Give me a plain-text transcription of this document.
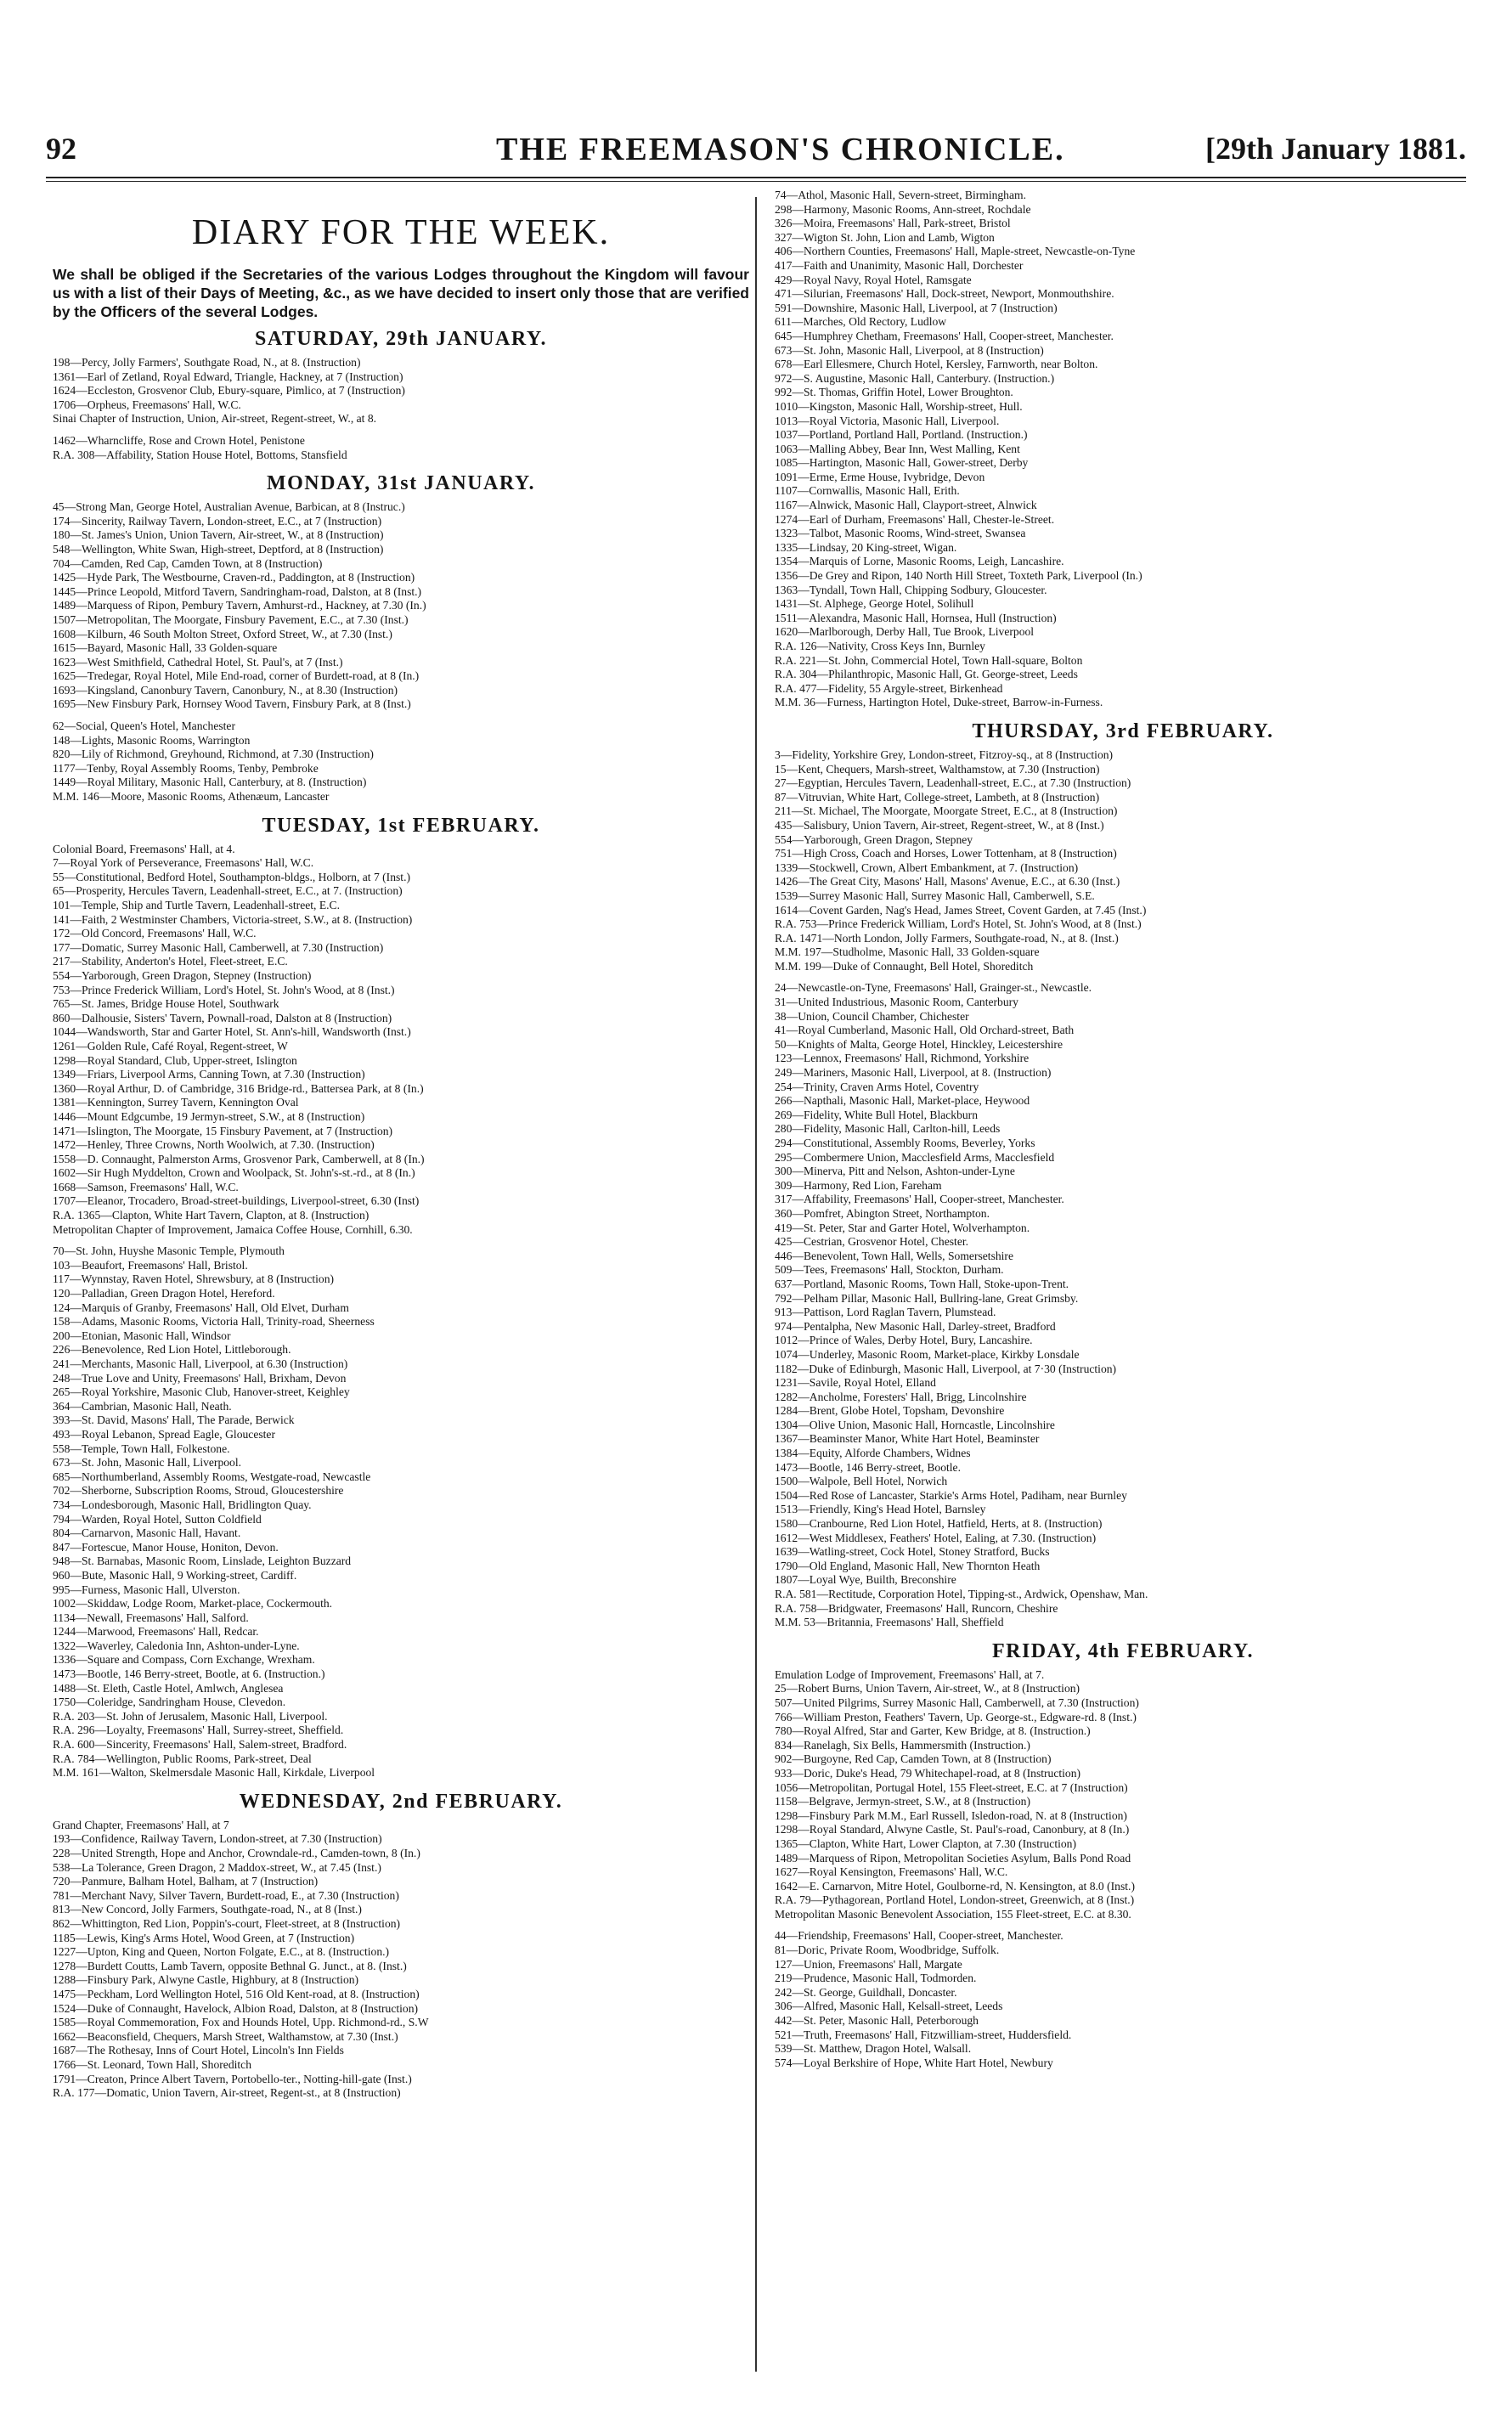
92	THE FREEMASON'S CHRONICLE.	[29th January 1881.
DIARY FOR THE WEEK.
We shall be obliged if the Secretaries of the various Lodges throughout the Kingdom will favour us with a list of their Days of Meeting, &c., as we have decided to insert only those that are verified by the Officers of the several Lodges.
SATURDAY, 29th JANUARY.
198—Percy, Jolly Farmers', Southgate Road, N., at 8. (Instruction)
1361—Earl of Zetland, Royal Edward, Triangle, Hackney, at 7 (Instruction)
1624—Eccleston, Grosvenor Club, Ebury-square, Pimlico, at 7 (Instruction)
1706—Orpheus, Freemasons' Hall, W.C.
Sinai Chapter of Instruction, Union, Air-street, Regent-street, W., at 8.
1462—Wharncliffe, Rose and Crown Hotel, Penistone
R.A. 308—Affability, Station House Hotel, Bottoms, Stansfield
MONDAY, 31st JANUARY.
45—Strong Man, George Hotel, Australian Avenue, Barbican, at 8 (Instruc.)
174—Sincerity, Railway Tavern, London-street, E.C., at 7 (Instruction)
180—St. James's Union, Union Tavern, Air-street, W., at 8 (Instruction)
548—Wellington, White Swan, High-street, Deptford, at 8 (Instruction)
704—Camden, Red Cap, Camden Town, at 8 (Instruction)
1425—Hyde Park, The Westbourne, Craven-rd., Paddington, at 8 (Instruction)
1445—Prince Leopold, Mitford Tavern, Sandringham-road, Dalston, at 8 (Inst.)
1489—Marquess of Ripon, Pembury Tavern, Amhurst-rd., Hackney, at 7.30 (In.)
1507—Metropolitan, The Moorgate, Finsbury Pavement, E.C., at 7.30 (Inst.)
1608—Kilburn, 46 South Molton Street, Oxford Street, W., at 7.30 (Inst.)
1615—Bayard, Masonic Hall, 33 Golden-square
1623—West Smithfield, Cathedral Hotel, St. Paul's, at 7 (Inst.)
1625—Tredegar, Royal Hotel, Mile End-road, corner of Burdett-road, at 8 (In.)
1693—Kingsland, Canonbury Tavern, Canonbury, N., at 8.30 (Instruction)
1695—New Finsbury Park, Hornsey Wood Tavern, Finsbury Park, at 8 (Inst.)
62—Social, Queen's Hotel, Manchester
148—Lights, Masonic Rooms, Warrington
820—Lily of Richmond, Greyhound, Richmond, at 7.30 (Instruction)
1177—Tenby, Royal Assembly Rooms, Tenby, Pembroke
1449—Royal Military, Masonic Hall, Canterbury, at 8. (Instruction)
M.M. 146—Moore, Masonic Rooms, Athenæum, Lancaster
TUESDAY, 1st FEBRUARY.
Colonial Board, Freemasons' Hall, at 4.
7—Royal York of Perseverance, Freemasons' Hall, W.C.
55—Constitutional, Bedford Hotel, Southampton-bldgs., Holborn, at 7 (Inst.)
65—Prosperity, Hercules Tavern, Leadenhall-street, E.C., at 7. (Instruction)
101—Temple, Ship and Turtle Tavern, Leadenhall-street, E.C.
141—Faith, 2 Westminster Chambers, Victoria-street, S.W., at 8. (Instruction)
172—Old Concord, Freemasons' Hall, W.C.
177—Domatic, Surrey Masonic Hall, Camberwell, at 7.30 (Instruction)
217—Stability, Anderton's Hotel, Fleet-street, E.C.
554—Yarborough, Green Dragon, Stepney (Instruction)
753—Prince Frederick William, Lord's Hotel, St. John's Wood, at 8 (Inst.)
765—St. James, Bridge House Hotel, Southwark
860—Dalhousie, Sisters' Tavern, Pownall-road, Dalston at 8 (Instruction)
1044—Wandsworth, Star and Garter Hotel, St. Ann's-hill, Wandsworth (Inst.)
1261—Golden Rule, Café Royal, Regent-street, W
1298—Royal Standard, Club, Upper-street, Islington
1349—Friars, Liverpool Arms, Canning Town, at 7.30 (Instruction)
1360—Royal Arthur, D. of Cambridge, 316 Bridge-rd., Battersea Park, at 8 (In.)
1381—Kennington, Surrey Tavern, Kennington Oval
1446—Mount Edgcumbe, 19 Jermyn-street, S.W., at 8 (Instruction)
1471—Islington, The Moorgate, 15 Finsbury Pavement, at 7 (Instruction)
1472—Henley, Three Crowns, North Woolwich, at 7.30. (Instruction)
1558—D. Connaught, Palmerston Arms, Grosvenor Park, Camberwell, at 8 (In.)
1602—Sir Hugh Myddelton, Crown and Woolpack, St. John's-st.-rd., at 8 (In.)
1668—Samson, Freemasons' Hall, W.C.
1707—Eleanor, Trocadero, Broad-street-buildings, Liverpool-street, 6.30 (Inst)
R.A. 1365—Clapton, White Hart Tavern, Clapton, at 8. (Instruction)
Metropolitan Chapter of Improvement, Jamaica Coffee House, Cornhill, 6.30.
70—St. John, Huyshe Masonic Temple, Plymouth
103—Beaufort, Freemasons' Hall, Bristol.
117—Wynnstay, Raven Hotel, Shrewsbury, at 8 (Instruction)
120—Palladian, Green Dragon Hotel, Hereford.
124—Marquis of Granby, Freemasons' Hall, Old Elvet, Durham
158—Adams, Masonic Rooms, Victoria Hall, Trinity-road, Sheerness
200—Etonian, Masonic Hall, Windsor
226—Benevolence, Red Lion Hotel, Littleborough.
241—Merchants, Masonic Hall, Liverpool, at 6.30 (Instruction)
248—True Love and Unity, Freemasons' Hall, Brixham, Devon
265—Royal Yorkshire, Masonic Club, Hanover-street, Keighley
364—Cambrian, Masonic Hall, Neath.
393—St. David, Masons' Hall, The Parade, Berwick
493—Royal Lebanon, Spread Eagle, Gloucester
558—Temple, Town Hall, Folkestone.
673—St. John, Masonic Hall, Liverpool.
685—Northumberland, Assembly Rooms, Westgate-road, Newcastle
702—Sherborne, Subscription Rooms, Stroud, Gloucestershire
734—Londesborough, Masonic Hall, Bridlington Quay.
794—Warden, Royal Hotel, Sutton Coldfield
804—Carnarvon, Masonic Hall, Havant.
847—Fortescue, Manor House, Honiton, Devon.
948—St. Barnabas, Masonic Room, Linslade, Leighton Buzzard
960—Bute, Masonic Hall, 9 Working-street, Cardiff.
995—Furness, Masonic Hall, Ulverston.
1002—Skiddaw, Lodge Room, Market-place, Cockermouth.
1134—Newall, Freemasons' Hall, Salford.
1244—Marwood, Freemasons' Hall, Redcar.
1322—Waverley, Caledonia Inn, Ashton-under-Lyne.
1336—Square and Compass, Corn Exchange, Wrexham.
1473—Bootle, 146 Berry-street, Bootle, at 6. (Instruction.)
1488—St. Eleth, Castle Hotel, Amlwch, Anglesea
1750—Coleridge, Sandringham House, Clevedon.
R.A. 203—St. John of Jerusalem, Masonic Hall, Liverpool.
R.A. 296—Loyalty, Freemasons' Hall, Surrey-street, Sheffield.
R.A. 600—Sincerity, Freemasons' Hall, Salem-street, Bradford.
R.A. 784—Wellington, Public Rooms, Park-street, Deal
M.M. 161—Walton, Skelmersdale Masonic Hall, Kirkdale, Liverpool
WEDNESDAY, 2nd FEBRUARY.
Grand Chapter, Freemasons' Hall, at 7
193—Confidence, Railway Tavern, London-street, at 7.30 (Instruction)
228—United Strength, Hope and Anchor, Crowndale-rd., Camden-town, 8 (In.)
538—La Tolerance, Green Dragon, 2 Maddox-street, W., at 7.45 (Inst.)
720—Panmure, Balham Hotel, Balham, at 7 (Instruction)
781—Merchant Navy, Silver Tavern, Burdett-road, E., at 7.30 (Instruction)
813—New Concord, Jolly Farmers, Southgate-road, N., at 8 (Inst.)
862—Whittington, Red Lion, Poppin's-court, Fleet-street, at 8 (Instruction)
1185—Lewis, King's Arms Hotel, Wood Green, at 7 (Instruction)
1227—Upton, King and Queen, Norton Folgate, E.C., at 8. (Instruction.)
1278—Burdett Coutts, Lamb Tavern, opposite Bethnal G. Junct., at 8. (Inst.)
1288—Finsbury Park, Alwyne Castle, Highbury, at 8 (Instruction)
1475—Peckham, Lord Wellington Hotel, 516 Old Kent-road, at 8. (Instruction)
1524—Duke of Connaught, Havelock, Albion Road, Dalston, at 8 (Instruction)
1585—Royal Commemoration, Fox and Hounds Hotel, Upp. Richmond-rd., S.W
1662—Beaconsfield, Chequers, Marsh Street, Walthamstow, at 7.30 (Inst.)
1687—The Rothesay, Inns of Court Hotel, Lincoln's Inn Fields
1766—St. Leonard, Town Hall, Shoreditch
1791—Creaton, Prince Albert Tavern, Portobello-ter., Notting-hill-gate (Inst.)
R.A. 177—Domatic, Union Tavern, Air-street, Regent-st., at 8 (Instruction)
74—Athol, Masonic Hall, Severn-street, Birmingham.
298—Harmony, Masonic Rooms, Ann-street, Rochdale
326—Moira, Freemasons' Hall, Park-street, Bristol
327—Wigton St. John, Lion and Lamb, Wigton
406—Northern Counties, Freemasons' Hall, Maple-street, Newcastle-on-Tyne
417—Faith and Unanimity, Masonic Hall, Dorchester
429—Royal Navy, Royal Hotel, Ramsgate
471—Silurian, Freemasons' Hall, Dock-street, Newport, Monmouthshire.
591—Downshire, Masonic Hall, Liverpool, at 7 (Instruction)
611—Marches, Old Rectory, Ludlow
645—Humphrey Chetham, Freemasons' Hall, Cooper-street, Manchester.
673—St. John, Masonic Hall, Liverpool, at 8 (Instruction)
678—Earl Ellesmere, Church Hotel, Kersley, Farnworth, near Bolton.
972—S. Augustine, Masonic Hall, Canterbury. (Instruction.)
992—St. Thomas, Griffin Hotel, Lower Broughton.
1010—Kingston, Masonic Hall, Worship-street, Hull.
1013—Royal Victoria, Masonic Hall, Liverpool.
1037—Portland, Portland Hall, Portland. (Instruction.)
1063—Malling Abbey, Bear Inn, West Malling, Kent
1085—Hartington, Masonic Hall, Gower-street, Derby
1091—Erme, Erme House, Ivybridge, Devon
1107—Cornwallis, Masonic Hall, Erith.
1167—Alnwick, Masonic Hall, Clayport-street, Alnwick
1274—Earl of Durham, Freemasons' Hall, Chester-le-Street.
1323—Talbot, Masonic Rooms, Wind-street, Swansea
1335—Lindsay, 20 King-street, Wigan.
1354—Marquis of Lorne, Masonic Rooms, Leigh, Lancashire.
1356—De Grey and Ripon, 140 North Hill Street, Toxteth Park, Liverpool (In.)
1363—Tyndall, Town Hall, Chipping Sodbury, Gloucester.
1431—St. Alphege, George Hotel, Solihull
1511—Alexandra, Masonic Hall, Hornsea, Hull (Instruction)
1620—Marlborough, Derby Hall, Tue Brook, Liverpool
R.A. 126—Nativity, Cross Keys Inn, Burnley
R.A. 221—St. John, Commercial Hotel, Town Hall-square, Bolton
R.A. 304—Philanthropic, Masonic Hall, Gt. George-street, Leeds
R.A. 477—Fidelity, 55 Argyle-street, Birkenhead
M.M. 36—Furness, Hartington Hotel, Duke-street, Barrow-in-Furness.
THURSDAY, 3rd FEBRUARY.
3—Fidelity, Yorkshire Grey, London-street, Fitzroy-sq., at 8 (Instruction)
15—Kent, Chequers, Marsh-street, Walthamstow, at 7.30 (Instruction)
27—Egyptian, Hercules Tavern, Leadenhall-street, E.C., at 7.30 (Instruction)
87—Vitruvian, White Hart, College-street, Lambeth, at 8 (Instruction)
211—St. Michael, The Moorgate, Moorgate Street, E.C., at 8 (Instruction)
435—Salisbury, Union Tavern, Air-street, Regent-street, W., at 8 (Inst.)
554—Yarborough, Green Dragon, Stepney
751—High Cross, Coach and Horses, Lower Tottenham, at 8 (Instruction)
1339—Stockwell, Crown, Albert Embankment, at 7. (Instruction)
1426—The Great City, Masons' Hall, Masons' Avenue, E.C., at 6.30 (Inst.)
1539—Surrey Masonic Hall, Surrey Masonic Hall, Camberwell, S.E.
1614—Covent Garden, Nag's Head, James Street, Covent Garden, at 7.45 (Inst.)
R.A. 753—Prince Frederick William, Lord's Hotel, St. John's Wood, at 8 (Inst.)
R.A. 1471—North London, Jolly Farmers, Southgate-road, N., at 8. (Inst.)
M.M. 197—Studholme, Masonic Hall, 33 Golden-square
M.M. 199—Duke of Connaught, Bell Hotel, Shoreditch
24—Newcastle-on-Tyne, Freemasons' Hall, Grainger-st., Newcastle.
31—United Industrious, Masonic Room, Canterbury
38—Union, Council Chamber, Chichester
41—Royal Cumberland, Masonic Hall, Old Orchard-street, Bath
50—Knights of Malta, George Hotel, Hinckley, Leicestershire
123—Lennox, Freemasons' Hall, Richmond, Yorkshire
249—Mariners, Masonic Hall, Liverpool, at 8. (Instruction)
254—Trinity, Craven Arms Hotel, Coventry
266—Napthali, Masonic Hall, Market-place, Heywood
269—Fidelity, White Bull Hotel, Blackburn
280—Fidelity, Masonic Hall, Carlton-hill, Leeds
294—Constitutional, Assembly Rooms, Beverley, Yorks
295—Combermere Union, Macclesfield Arms, Macclesfield
300—Minerva, Pitt and Nelson, Ashton-under-Lyne
309—Harmony, Red Lion, Fareham
317—Affability, Freemasons' Hall, Cooper-street, Manchester.
360—Pomfret, Abington Street, Northampton.
419—St. Peter, Star and Garter Hotel, Wolverhampton.
425—Cestrian, Grosvenor Hotel, Chester.
446—Benevolent, Town Hall, Wells, Somersetshire
509—Tees, Freemasons' Hall, Stockton, Durham.
637—Portland, Masonic Rooms, Town Hall, Stoke-upon-Trent.
792—Pelham Pillar, Masonic Hall, Bullring-lane, Great Grimsby.
913—Pattison, Lord Raglan Tavern, Plumstead.
974—Pentalpha, New Masonic Hall, Darley-street, Bradford
1012—Prince of Wales, Derby Hotel, Bury, Lancashire.
1074—Underley, Masonic Room, Market-place, Kirkby Lonsdale
1182—Duke of Edinburgh, Masonic Hall, Liverpool, at 7·30 (Instruction)
1231—Savile, Royal Hotel, Elland
1282—Ancholme, Foresters' Hall, Brigg, Lincolnshire
1284—Brent, Globe Hotel, Topsham, Devonshire
1304—Olive Union, Masonic Hall, Horncastle, Lincolnshire
1367—Beaminster Manor, White Hart Hotel, Beaminster
1384—Equity, Alforde Chambers, Widnes
1473—Bootle, 146 Berry-street, Bootle.
1500—Walpole, Bell Hotel, Norwich
1504—Red Rose of Lancaster, Starkie's Arms Hotel, Padiham, near Burnley
1513—Friendly, King's Head Hotel, Barnsley
1580—Cranbourne, Red Lion Hotel, Hatfield, Herts, at 8. (Instruction)
1612—West Middlesex, Feathers' Hotel, Ealing, at 7.30. (Instruction)
1639—Watling-street, Cock Hotel, Stoney Stratford, Bucks
1790—Old England, Masonic Hall, New Thornton Heath
1807—Loyal Wye, Builth, Breconshire
R.A. 581—Rectitude, Corporation Hotel, Tipping-st., Ardwick, Openshaw, Man.
R.A. 758—Bridgwater, Freemasons' Hall, Runcorn, Cheshire
M.M. 53—Britannia, Freemasons' Hall, Sheffield
FRIDAY, 4th FEBRUARY.
Emulation Lodge of Improvement, Freemasons' Hall, at 7.
25—Robert Burns, Union Tavern, Air-street, W., at 8 (Instruction)
507—United Pilgrims, Surrey Masonic Hall, Camberwell, at 7.30 (Instruction)
766—William Preston, Feathers' Tavern, Up. George-st., Edgware-rd. 8 (Inst.)
780—Royal Alfred, Star and Garter, Kew Bridge, at 8. (Instruction.)
834—Ranelagh, Six Bells, Hammersmith (Instruction.)
902—Burgoyne, Red Cap, Camden Town, at 8 (Instruction)
933—Doric, Duke's Head, 79 Whitechapel-road, at 8 (Instruction)
1056—Metropolitan, Portugal Hotel, 155 Fleet-street, E.C. at 7 (Instruction)
1158—Belgrave, Jermyn-street, S.W., at 8 (Instruction)
1298—Finsbury Park M.M., Earl Russell, Isledon-road, N. at 8 (Instruction)
1298—Royal Standard, Alwyne Castle, St. Paul's-road, Canonbury, at 8 (In.)
1365—Clapton, White Hart, Lower Clapton, at 7.30 (Instruction)
1489—Marquess of Ripon, Metropolitan Societies Asylum, Balls Pond Road
1627—Royal Kensington, Freemasons' Hall, W.C.
1642—E. Carnarvon, Mitre Hotel, Goulborne-rd, N. Kensington, at 8.0 (Inst.)
R.A. 79—Pythagorean, Portland Hotel, London-street, Greenwich, at 8 (Inst.)
Metropolitan Masonic Benevolent Association, 155 Fleet-street, E.C. at 8.30.
44—Friendship, Freemasons' Hall, Cooper-street, Manchester.
81—Doric, Private Room, Woodbridge, Suffolk.
127—Union, Freemasons' Hall, Margate
219—Prudence, Masonic Hall, Todmorden.
242—St. George, Guildhall, Doncaster.
306—Alfred, Masonic Hall, Kelsall-street, Leeds
442—St. Peter, Masonic Hall, Peterborough
521—Truth, Freemasons' Hall, Fitzwilliam-street, Huddersfield.
539—St. Matthew, Dragon Hotel, Walsall.
574—Loyal Berkshire of Hope, White Hart Hotel, Newbury
